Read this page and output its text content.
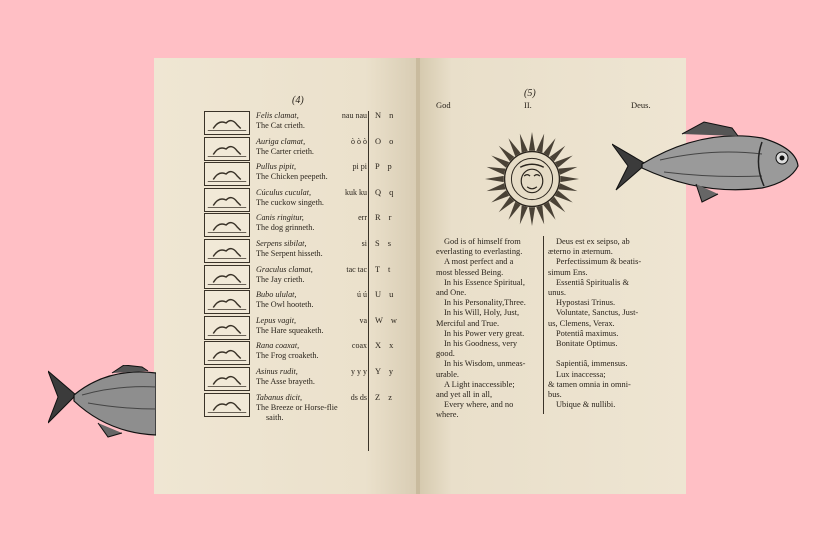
(4)
Felis clamat,
The Cat crieth.
nau nau N n
Auriga clamat,
The Carter crieth.
ò ò ò O o
Pullus pipit,
The Chicken peepeth.
pi pi P p
Cúculus cuculat,
The cuckow singeth.
kuk ku Q q
Canis ringitur,
The dog grinneth.
err R r
Serpens sibilat,
The Serpent hisseth.
si S s
Graculus clamat,
The Jay crieth.
tac tac T t
Bubo ululat,
The Owl hooteth.
ú ú U u
Lepus vagit,
The Hare squeaketh.
va W w
Rana coaxat,
The Frog croaketh.
coax X x
Asinus rudit,
The Asse brayeth.
y y y Y y
Tabanus dicit,
The Breeze or Horse-flie
saith.
ds ds Z z
(5)
God	II.	Deus.
God is of himself from
everlasting to everlasting.
A most perfect and a
most blessed Being.
In his Essence Spiritual,
and One.
In his Personality,Three.
In his Will, Holy, Just,
Merciful and True.
In his Power very great.
In his Goodness, very
good.
In his Wisdom, unmeas-
urable.
A Light inaccessible;
and yet all in all,
Every where, and no
where.
Deus est ex seipso, ab
æterno in æternum.
Perfectissimum & beatis-
simum Ens.
Essentiâ Spiritualis &
unus.
Hypostasi Trinus.
Voluntate, Sanctus, Just-
us, Clemens, Verax.
Potentiâ maximus.
Bonitate Optimus.
Sapientiâ, immensus.
Lux inaccessa;
& tamen omnia in omni-
bus.
Ubique & nullibi.
